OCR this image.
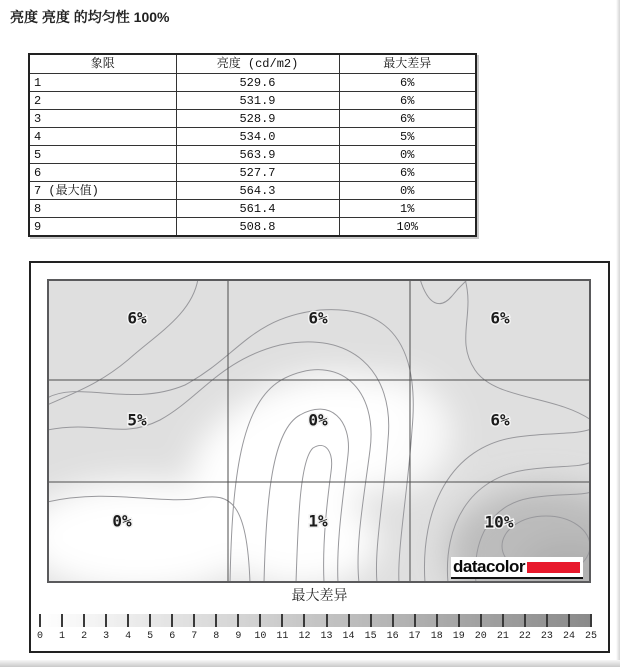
亮度 亮度 的均匀性 100%
象限	亮度 (cd/m2)	最大差异
1	529.6	6%
2	531.9	6%
3	528.9	6%
4	534.0	5%
5	563.9	0%
6	527.7	6%
7 (最大值)	564.3	0%
8	561.4	1%
9	508.8	10%
6%	6%	6%
5%	0%	6%
0%	1%	10%
datacolor
最大差异
0	1	2	3	4	5	6	7	8	9	10	11	12	13	14	15	16	17	18	19	20	21	22	23	24	25
